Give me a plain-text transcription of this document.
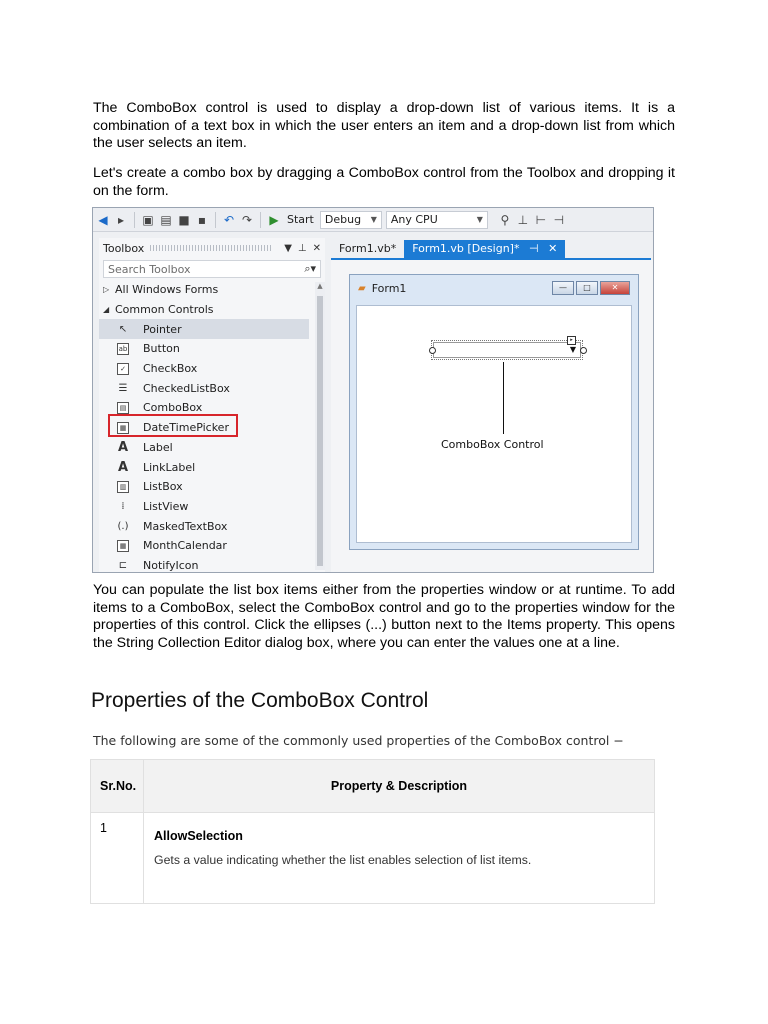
The ComboBox control is used to display a drop-down list of various items. It is a combination of a text box in which the user enters an item and a drop-down list from which the user selects an item.

Let's create a combo box by dragging a ComboBox control from the Toolbox and dropping it on the form.

◀ ▸	▣ ▤ ■ ▪ ↶ ↷ ▶ Start Debug ▼ Any CPU	▼ ⚲ ⊥ ⊢ ⊣
Toolbox	▼ ⊥ ✕
Search Toolbox	⌕▾
▷ All Windows Forms
◢ Common Controls
↖ Pointer
ab Button
✓ CheckBox
☰ CheckedListBox
▤ ComboBox
▦ DateTimePicker
A Label
A LinkLabel
▥ ListBox
⁞	ListView
(.) MaskedTextBox
▦ MonthCalendar
⊏ NotifyIcon
▲
Form1.vb*	Form1.vb [Design]* ⊣ ✕
▰ Form1	—	□	✕
▼
▸
ComboBox Control

You can populate the list box items either from the properties window or at runtime. To add items to a ComboBox, select the ComboBox control and go to the properties window for the properties of this control. Click the ellipses (...) button next to the Items property. This opens the String Collection Editor dialog box, where you can enter the values one at a line.

Properties of the ComboBox Control

The following are some of the commonly used properties of the ComboBox control −

Sr.No.	Property & Description
1	AllowSelection
Gets a value indicating whether the list enables selection of list items.
